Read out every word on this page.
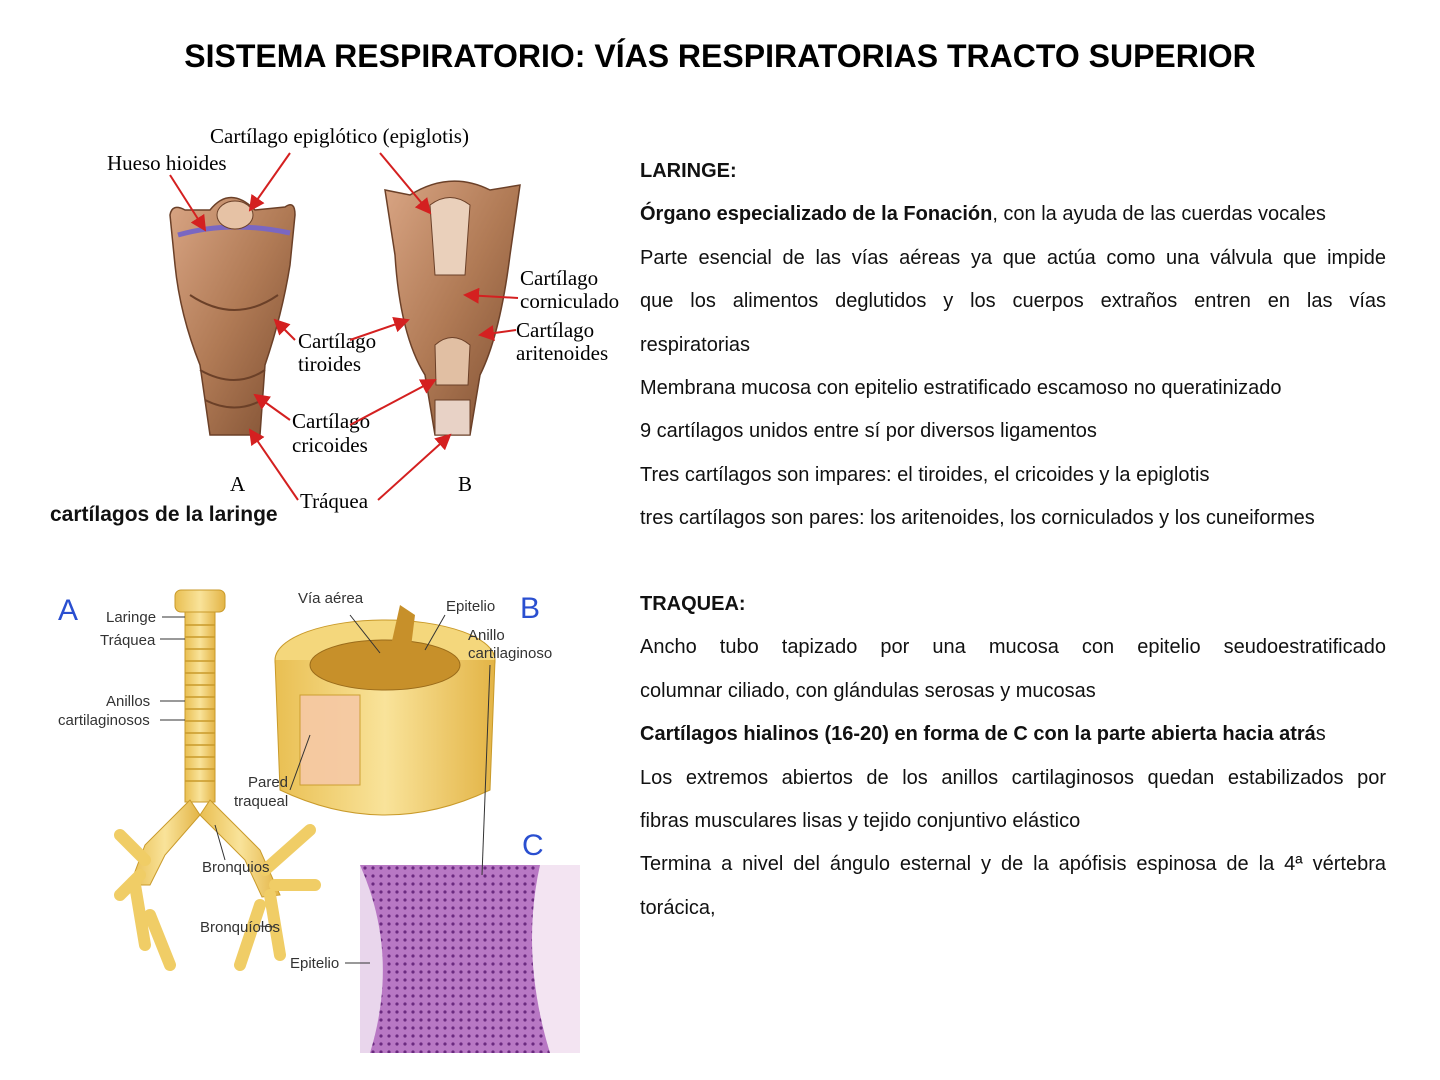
SISTEMA RESPIRATORIO: VÍAS RESPIRATORIAS TRACTO SUPERIOR
Cartílago epiglótico (epiglotis)
Hueso hioides
Cartílago
corniculado
Cartílago
aritenoides
Cartílago
tiroides
Cartílago
cricoides
Tráquea
A	B
cartílagos de la laringe
A	B
C
Laringe
Tráquea
Anillos
cartilaginosos
Vía aérea	Epitelio
Anillo
cartilaginoso
Pared
traqueal
Bronquios
Bronquíolos
Epitelio
LARINGE:
Órgano especializado de la Fonación, con la ayuda de las cuerdas vocales
Parte esencial de las vías aéreas ya que actúa como una válvula que impide
que los alimentos deglutidos y los cuerpos extraños entren en las vías
respiratorias
Membrana mucosa con epitelio estratificado escamoso no queratinizado
9 cartílagos unidos entre sí por diversos ligamentos
Tres cartílagos son impares: el tiroides, el cricoides y la epiglotis
tres cartílagos son pares: los aritenoides, los corniculados y los cuneiformes
TRAQUEA:
Ancho tubo tapizado por una mucosa con epitelio seudoestratificado
columnar ciliado, con glándulas serosas y mucosas
Cartílagos hialinos (16-20) en forma de C con la parte abierta hacia atrás
Los extremos abiertos de los anillos cartilaginosos quedan estabilizados por
fibras musculares lisas y tejido conjuntivo elástico
Termina a nivel del ángulo esternal y de la apófisis espinosa de la 4ª vértebra
torácica,
